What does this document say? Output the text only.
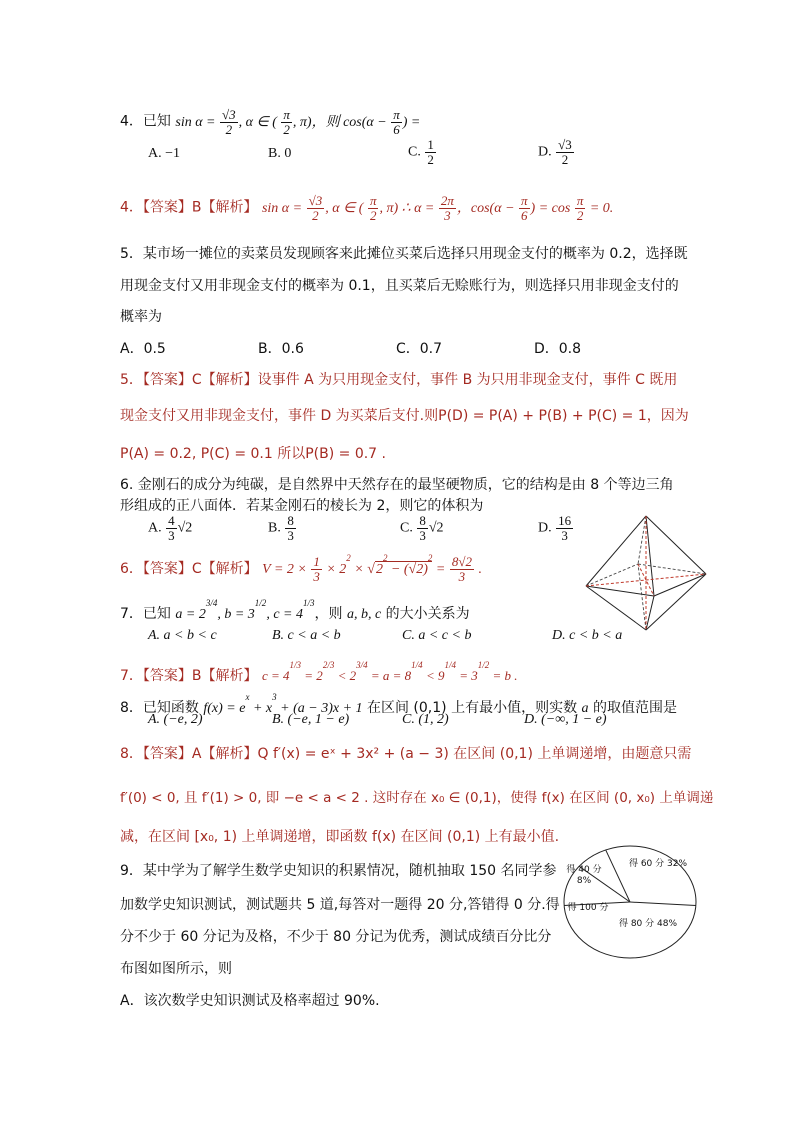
4．已知 $\sin \alpha = \frac{√3}{2}$ , α ∈ ( $\frac{\pi}{2}$ , π)，则 $\cos(\alpha - \frac{\pi}{6}$ ) =
A. −1	B. 0	C. $\frac{1}{2}$	D. $\frac{√3}{2}$
4．【答案】B【解析】 $\sin \alpha = \frac{√3}{2}$ , α ∈ ( $\frac{\pi}{2}$ , π) ∴ $\alpha = \frac{2\pi}{3}$ ，$\cos(\alpha - \frac{\pi}{6}$ ) = $\cos \frac{\pi}{2} = 0$.
5．某市场一摊位的卖菜员发现顾客来此摊位买菜后选择只用现金支付的概率为 0.2，选择既
用现金支付又用非现金支付的概率为 0.1，且买菜后无赊账行为，则选择只用非现金支付的
概率为
A．0.5	B．0.6	C．0.7	D．0.8
5．【答案】C【解析】设事件 A 为只用现金支付，事件 B 为只用非现金支付，事件 C 既用
现金支付又用非现金支付，事件 D 为买菜后支付.则P(D) = P(A) + P(B) + P(C) = 1，因为
P(A) = 0.2, P(C) = 0.1 所以P(B) = 0.7 .
6. 金刚石的成分为纯碳，是自然界中天然存在的最坚硬物质，它的结构是由 8 个等边三角
形组成的正八面体．若某金刚石的棱长为 2，则它的体积为
A. $\frac{4}{3} √2$	B. $\frac{8}{3}$	C. $\frac{8}{3} √2$	D. $\frac{16}{3}$
6．【答案】C【解析】 $V = 2 \times \frac{1}{3} \times 2^2 \times √2^2 - (√2)^2 = \frac{8√2}{3}$ .
7．已知 $a = 2^{3/4}$, $b = 3^{1/2}$, $c = 4^{1/3}$，则 a, b, c 的大小关系为
A. a < b < c	B. c < a < b	C. a < c < b	D. c < b < a
7．【答案】B【解析】 $c = 4^{1/3} = 2^{2/3} < 2^{3/4} = a = 8^{1/4} < 9^{1/4} = 3^{1/2} = b$ .
8．已知函数 $f(x) = e^x + x^3 + (a - 3)x + 1$ 在区间 (0,1) 上有最小值，则实数 a 的取值范围是
A. (−e, 2)	B. (−e, 1 − e)	C. (1, 2)	D. (−∞, 1 − e)
8．【答案】A【解析】Q f′(x) = eˣ + 3x² + (a − 3) 在区间 (0,1) 上单调递增，由题意只需
f′(0) < 0, 且 f′(1) > 0, 即 −e < a < 2 . 这时存在 x₀ ∈ (0,1)，使得 f(x) 在区间 (0, x₀) 上单调递
减，在区间 [x₀, 1) 上单调递增，即函数 f(x) 在区间 (0,1) 上有最小值.
9．某中学为了解学生数学史知识的积累情况，随机抽取 150 名同学参
加数学史知识测试，测试题共 5 道,每答对一题得 20 分,答错得 0 分.得
分不少于 60 分记为及格，不少于 80 分记为优秀，测试成绩百分比分
布图如图所示，则
A．该次数学史知识测试及格率超过 90%.
得 60 分 32%
得 80 分 48%
得 100 分
得 40 分 8%
